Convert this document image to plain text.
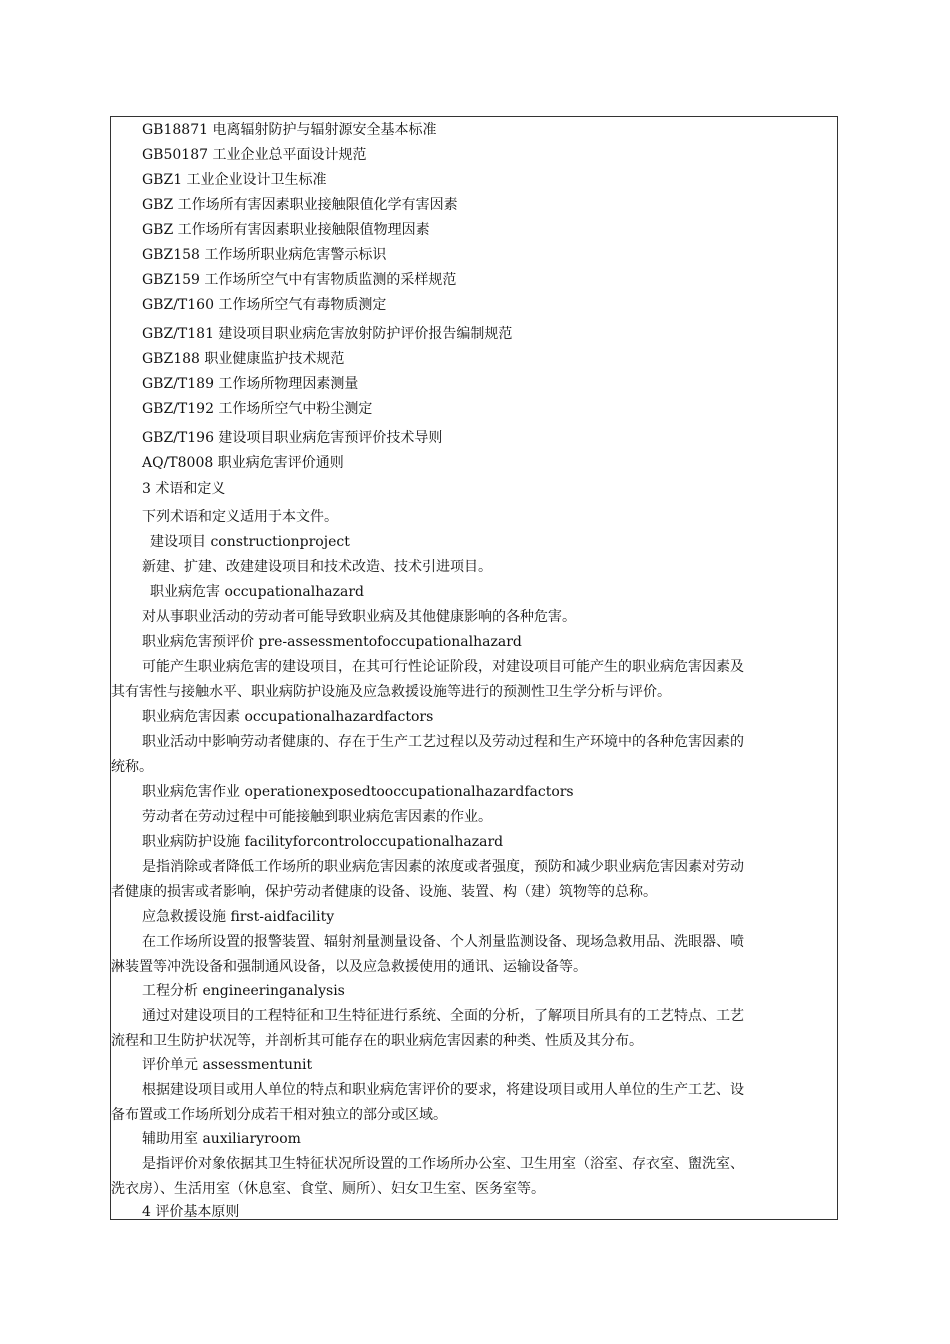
GB18871 电离辐射防护与辐射源安全基本标准
GB50187 工业企业总平面设计规范
GBZ1 工业企业设计卫生标准
GBZ 工作场所有害因素职业接触限值化学有害因素
GBZ 工作场所有害因素职业接触限值物理因素
GBZ158 工作场所职业病危害警示标识
GBZ159 工作场所空气中有害物质监测的采样规范
GBZ/T160 工作场所空气有毒物质测定
GBZ/T181 建设项目职业病危害放射防护评价报告编制规范
GBZ188 职业健康监护技术规范
GBZ/T189 工作场所物理因素测量
GBZ/T192 工作场所空气中粉尘测定
GBZ/T196 建设项目职业病危害预评价技术导则
AQ/T8008 职业病危害评价通则
3 术语和定义
下列术语和定义适用于本文件。
建设项目 constructionproject
新建、扩建、改建建设项目和技术改造、技术引进项目。
职业病危害 occupationalhazard
对从事职业活动的劳动者可能导致职业病及其他健康影响的各种危害。
职业病危害预评价 pre-assessmentofoccupationalhazard
可能产生职业病危害的建设项目，在其可行性论证阶段，对建设项目可能产生的职业病危害因素及
其有害性与接触水平、职业病防护设施及应急救援设施等进行的预测性卫生学分析与评价。
职业病危害因素 occupationalhazardfactors
职业活动中影响劳动者健康的、存在于生产工艺过程以及劳动过程和生产环境中的各种危害因素的
统称。
职业病危害作业 operationexposedtooccupationalhazardfactors
劳动者在劳动过程中可能接触到职业病危害因素的作业。
职业病防护设施 facilityforcontroloccupationalhazard
是指消除或者降低工作场所的职业病危害因素的浓度或者强度，预防和减少职业病危害因素对劳动
者健康的损害或者影响，保护劳动者健康的设备、设施、装置、构（建）筑物等的总称。
应急救援设施 first-aidfacility
在工作场所设置的报警装置、辐射剂量测量设备、个人剂量监测设备、现场急救用品、洗眼器、喷
淋装置等冲洗设备和强制通风设备，以及应急救援使用的通讯、运输设备等。
工程分析 engineeringanalysis
通过对建设项目的工程特征和卫生特征进行系统、全面的分析，了解项目所具有的工艺特点、工艺
流程和卫生防护状况等，并剖析其可能存在的职业病危害因素的种类、性质及其分布。
评价单元 assessmentunit
根据建设项目或用人单位的特点和职业病危害评价的要求，将建设项目或用人单位的生产工艺、设
备布置或工作场所划分成若干相对独立的部分或区域。
辅助用室 auxiliaryroom
是指评价对象依据其卫生特征状况所设置的工作场所办公室、卫生用室（浴室、存衣室、盥洗室、
洗衣房）、生活用室（休息室、食堂、厕所）、妇女卫生室、医务室等。
4 评价基本原则
